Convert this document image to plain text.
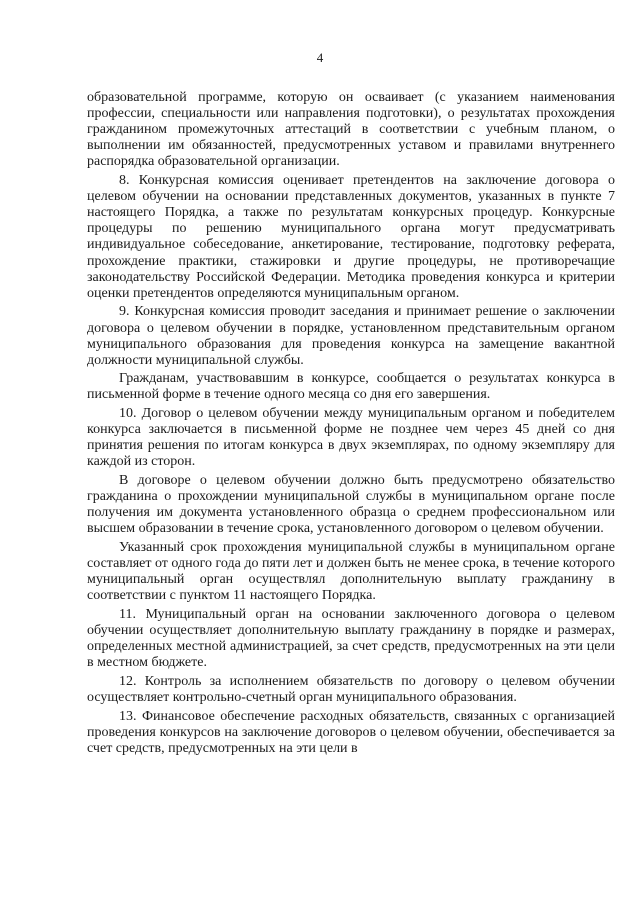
4

образовательной программе, которую он осваивает (с указанием наименования профессии, специальности или направления подготовки), о результатах прохождения гражданином промежуточных аттестаций в соответствии с учебным планом, о выполнении им обязанностей, предусмотренных уставом и правилами внутреннего распорядка образовательной организации.

8. Конкурсная комиссия оценивает претендентов на заключение договора о целевом обучении на основании представленных документов, указанных в пункте 7 настоящего Порядка, а также по результатам конкурсных процедур. Конкурсные процедуры по решению муниципального органа могут предусматривать индивидуальное собеседование, анкетирование, тестирование, подготовку реферата, прохождение практики, стажировки и другие процедуры, не противоречащие законодательству Российской Федерации. Методика проведения конкурса и критерии оценки претендентов определяются муниципальным органом.

9. Конкурсная комиссия проводит заседания и принимает решение о заключении договора о целевом обучении в порядке, установленном представительным органом муниципального образования для проведения конкурса на замещение вакантной должности муниципальной службы.

Гражданам, участвовавшим в конкурсе, сообщается о результатах конкурса в письменной форме в течение одного месяца со дня его завершения.

10. Договор о целевом обучении между муниципальным органом и победителем конкурса заключается в письменной форме не позднее чем через 45 дней со дня принятия решения по итогам конкурса в двух экземплярах, по одному экземпляру для каждой из сторон.

В договоре о целевом обучении должно быть предусмотрено обязательство гражданина о прохождении муниципальной службы в муниципальном органе после получения им документа установленного образца о среднем профессиональном или высшем образовании в течение срока, установленного договором о целевом обучении.

Указанный срок прохождения муниципальной службы в муниципальном органе составляет от одного года до пяти лет и должен быть не менее срока, в течение которого муниципальный орган осуществлял дополнительную выплату гражданину в соответствии с пунктом 11 настоящего Порядка.

11. Муниципальный орган на основании заключенного договора о целевом обучении осуществляет дополнительную выплату гражданину в порядке и размерах, определенных местной администрацией, за счет средств, предусмотренных на эти цели в местном бюджете.

12. Контроль за исполнением обязательств по договору о целевом обучении осуществляет контрольно-счетный орган муниципального образования.

13. Финансовое обеспечение расходных обязательств, связанных с организацией проведения конкурсов на заключение договоров о целевом обучении, обеспечивается за счет средств, предусмотренных на эти цели в
